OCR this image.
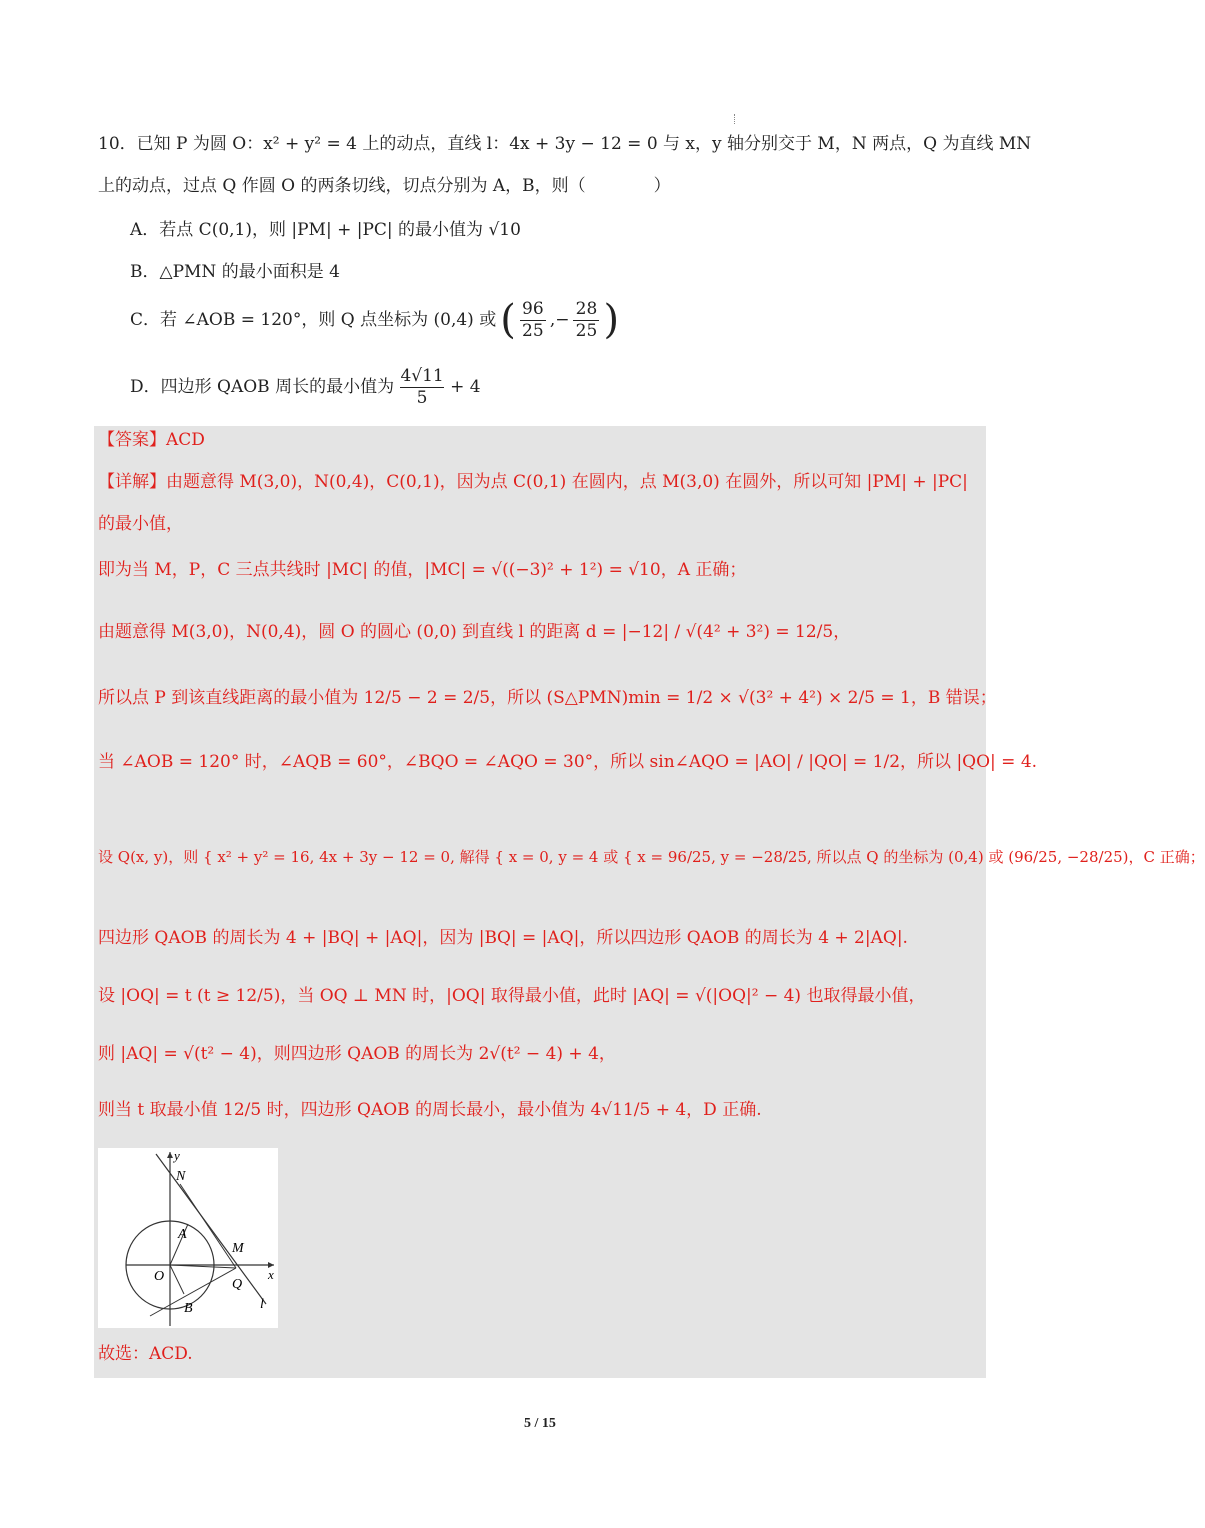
10．已知 P 为圆 O：x² + y² = 4 上的动点，直线 l：4x + 3y − 12 = 0 与 x，y 轴分别交于 M，N 两点，Q 为直线 MN
上的动点，过点 Q 作圆 O 的两条切线，切点分别为 A，B，则（　　　　）
A．若点 C(0,1)，则 |PM| + |PC| 的最小值为 √10
B．△PMN 的最小面积是 4
C．若 ∠AOB = 120°，则 Q 点坐标为 (0,4) 或 ( 96
25
,−
28
25 )
D．四边形 QAOB 周长的最小值为
4√11
5
+ 4
【答案】ACD
【详解】由题意得 M(3,0)，N(0,4)，C(0,1)，因为点 C(0,1) 在圆内，点 M(3,0) 在圆外，所以可知 |PM| + |PC|
的最小值，
即为当 M，P，C 三点共线时 |MC| 的值，|MC| = √((−3)² + 1²) = √10，A 正确；
由题意得 M(3,0)，N(0,4)，圆 O 的圆心 (0,0) 到直线 l 的距离 d = |−12| / √(4² + 3²) = 12/5，
所以点 P 到该直线距离的最小值为 12/5 − 2 = 2/5，所以 (S△PMN)min = 1/2 × √(3² + 4²) × 2/5 = 1，B 错误；
当 ∠AOB = 120° 时，∠AQB = 60°，∠BQO = ∠AQO = 30°，所以 sin∠AQO = |AO| / |QO| = 1/2，所以 |QO| = 4.
设 Q(x, y)，则 { x² + y² = 16, 4x + 3y − 12 = 0, 解得 { x = 0, y = 4 或 { x = 96/25, y = −28/25, 所以点 Q 的坐标为 (0,4) 或 (96/25, −28/25)，C 正确；
四边形 QAOB 的周长为 4 + |BQ| + |AQ|，因为 |BQ| = |AQ|，所以四边形 QAOB 的周长为 4 + 2|AQ|.
设 |OQ| = t (t ≥ 12/5)，当 OQ ⊥ MN 时，|OQ| 取得最小值，此时 |AQ| = √(|OQ|² − 4) 也取得最小值，
则 |AQ| = √(t² − 4)，则四边形 QAOB 的周长为 2√(t² − 4) + 4，
则当 t 取最小值 12/5 时，四边形 QAOB 的周长最小，最小值为 4√11/5 + 4，D 正确.
y
x
N
A
M
O
Q
l
B
故选：ACD.
5 / 15
